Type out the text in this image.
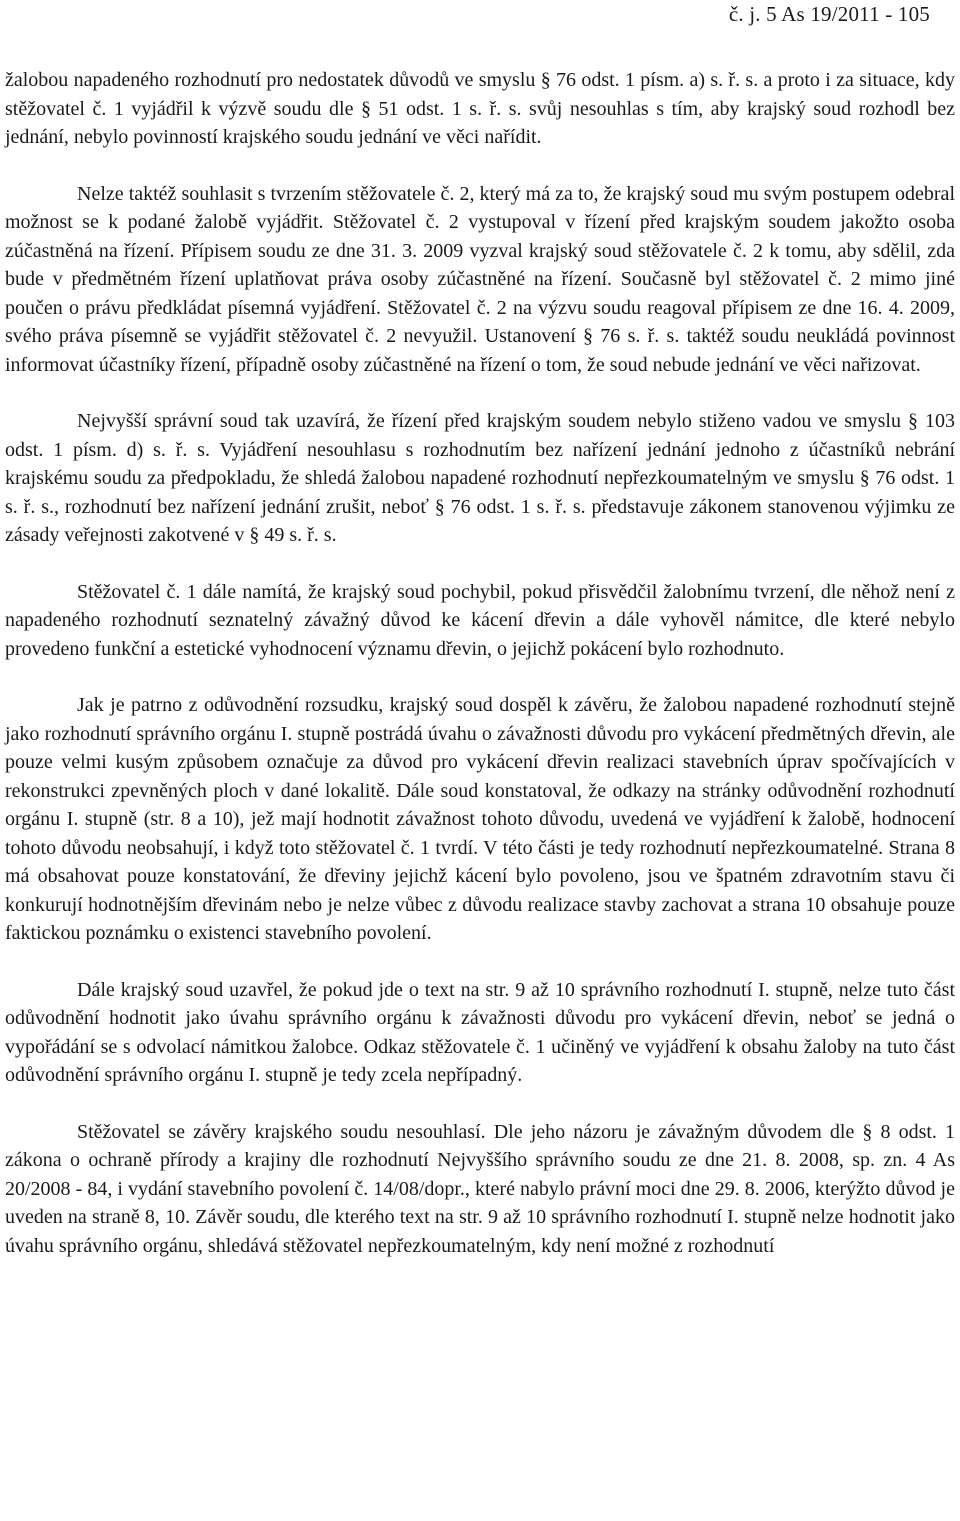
č. j. 5 As 19/2011 - 105

žalobou napadeného rozhodnutí pro nedostatek důvodů ve smyslu § 76 odst. 1 písm. a) s. ř. s. a proto i za situace, kdy stěžovatel č. 1 vyjádřil k výzvě soudu dle § 51 odst. 1 s. ř. s. svůj nesouhlas s tím, aby krajský soud rozhodl bez jednání, nebylo povinností krajského soudu jednání ve věci nařídit.

Nelze taktéž souhlasit s tvrzením stěžovatele č. 2, který má za to, že krajský soud mu svým postupem odebral možnost se k podané žalobě vyjádřit. Stěžovatel č. 2 vystupoval v řízení před krajským soudem jakožto osoba zúčastněná na řízení. Přípisem soudu ze dne 31. 3. 2009 vyzval krajský soud stěžovatele č. 2 k tomu, aby sdělil, zda bude v předmětném řízení uplatňovat práva osoby zúčastněné na řízení. Současně byl stěžovatel č. 2 mimo jiné poučen o právu předkládat písemná vyjádření. Stěžovatel č. 2 na výzvu soudu reagoval přípisem ze dne 16. 4. 2009, svého práva písemně se vyjádřit stěžovatel č. 2 nevyužil. Ustanovení § 76 s. ř. s. taktéž soudu neukládá povinnost informovat účastníky řízení, případně osoby zúčastněné na řízení o tom, že soud nebude jednání ve věci nařizovat.

Nejvyšší správní soud tak uzavírá, že řízení před krajským soudem nebylo stiženo vadou ve smyslu § 103 odst. 1 písm. d) s. ř. s. Vyjádření nesouhlasu s rozhodnutím bez nařízení jednání jednoho z účastníků nebrání krajskému soudu za předpokladu, že shledá žalobou napadené rozhodnutí nepřezkoumatelným ve smyslu § 76 odst. 1 s. ř. s., rozhodnutí bez nařízení jednání zrušit, neboť § 76 odst. 1 s. ř. s. představuje zákonem stanovenou výjimku ze zásady veřejnosti zakotvené v § 49 s. ř. s.

Stěžovatel č. 1 dále namítá, že krajský soud pochybil, pokud přisvědčil žalobnímu tvrzení, dle něhož není z napadeného rozhodnutí seznatelný závažný důvod ke kácení dřevin a dále vyhověl námitce, dle které nebylo provedeno funkční a estetické vyhodnocení významu dřevin, o jejichž pokácení bylo rozhodnuto.

Jak je patrno z odůvodnění rozsudku, krajský soud dospěl k závěru, že žalobou napadené rozhodnutí stejně jako rozhodnutí správního orgánu I. stupně postrádá úvahu o závažnosti důvodu pro vykácení předmětných dřevin, ale pouze velmi kusým způsobem označuje za důvod pro vykácení dřevin realizaci stavebních úprav spočívajících v rekonstrukci zpevněných ploch v dané lokalitě. Dále soud konstatoval, že odkazy na stránky odůvodnění rozhodnutí orgánu I. stupně (str. 8 a 10), jež mají hodnotit závažnost tohoto důvodu, uvedená ve vyjádření k žalobě, hodnocení tohoto důvodu neobsahují, i když toto stěžovatel č. 1 tvrdí. V této části je tedy rozhodnutí nepřezkoumatelné. Strana 8 má obsahovat pouze konstatování, že dřeviny jejichž kácení bylo povoleno, jsou ve špatném zdravotním stavu či konkurují hodnotnějším dřevinám nebo je nelze vůbec z důvodu realizace stavby zachovat a strana 10 obsahuje pouze faktickou poznámku o existenci stavebního povolení.

Dále krajský soud uzavřel, že pokud jde o text na str. 9 až 10 správního rozhodnutí I. stupně, nelze tuto část odůvodnění hodnotit jako úvahu správního orgánu k závažnosti důvodu pro vykácení dřevin, neboť se jedná o vypořádání se s odvolací námitkou žalobce. Odkaz stěžovatele č. 1 učiněný ve vyjádření k obsahu žaloby na tuto část odůvodnění správního orgánu I. stupně je tedy zcela nepřípadný.

Stěžovatel se závěry krajského soudu nesouhlasí. Dle jeho názoru je závažným důvodem dle § 8 odst. 1 zákona o ochraně přírody a krajiny dle rozhodnutí Nejvyššího správního soudu ze dne 21. 8. 2008, sp. zn. 4 As 20/2008 - 84, i vydání stavebního povolení č. 14/08/dopr., které nabylo právní moci dne 29. 8. 2006, kterýžto důvod je uveden na straně 8, 10. Závěr soudu, dle kterého text na str. 9 až 10 správního rozhodnutí I. stupně nelze hodnotit jako úvahu správního orgánu, shledává stěžovatel nepřezkoumatelným, kdy není možné z rozhodnutí
